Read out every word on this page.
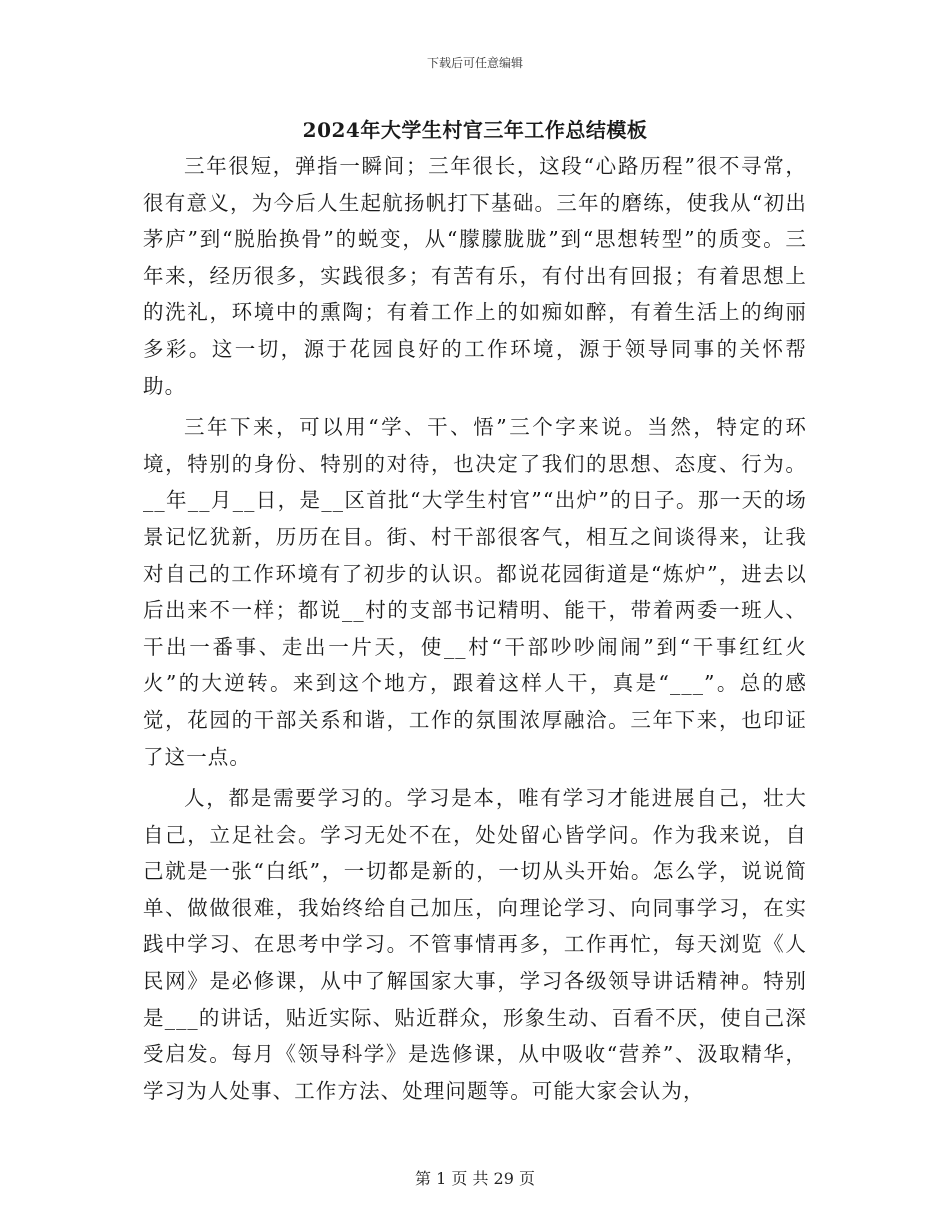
下载后可任意编辑
2024年大学生村官三年工作总结模板

三年很短，弹指一瞬间；三年很长，这段“心路历程”很不寻常，很有意义，为今后人生起航扬帆打下基础。三年的磨练，使我从“初出茅庐”到“脱胎换骨”的蜕变，从“朦朦胧胧”到“思想转型”的质变。三年来，经历很多，实践很多；有苦有乐，有付出有回报；有着思想上的洗礼，环境中的熏陶；有着工作上的如痴如醉，有着生活上的绚丽多彩。这一切，源于花园良好的工作环境，源于领导同事的关怀帮助。

三年下来，可以用“学、干、悟”三个字来说。当然，特定的环境，特别的身份、特别的对待，也决定了我们的思想、态度、行为。__年__月__日，是__区首批“大学生村官”“出炉”的日子。那一天的场景记忆犹新，历历在目。街、村干部很客气，相互之间谈得来，让我对自己的工作环境有了初步的认识。都说花园街道是“炼炉”，进去以后出来不一样；都说__村的支部书记精明、能干，带着两委一班人、干出一番事、走出一片天，使__村“干部吵吵闹闹”到“干事红红火火”的大逆转。来到这个地方，跟着这样人干，真是“___”。总的感觉，花园的干部关系和谐，工作的氛围浓厚融洽。三年下来，也印证了这一点。

人，都是需要学习的。学习是本，唯有学习才能进展自己，壮大自己，立足社会。学习无处不在，处处留心皆学问。作为我来说，自己就是一张“白纸”，一切都是新的，一切从头开始。怎么学，说说简单、做做很难，我始终给自己加压，向理论学习、向同事学习，在实践中学习、在思考中学习。不管事情再多，工作再忙，每天浏览《人民网》是必修课，从中了解国家大事，学习各级领导讲话精神。特别是___的讲话，贴近实际、贴近群众，形象生动、百看不厌，使自己深受启发。每月《领导科学》是选修课，从中吸收“营养”、汲取精华，学习为人处事、工作方法、处理问题等。可能大家会认为，

第 1 页 共 29 页
